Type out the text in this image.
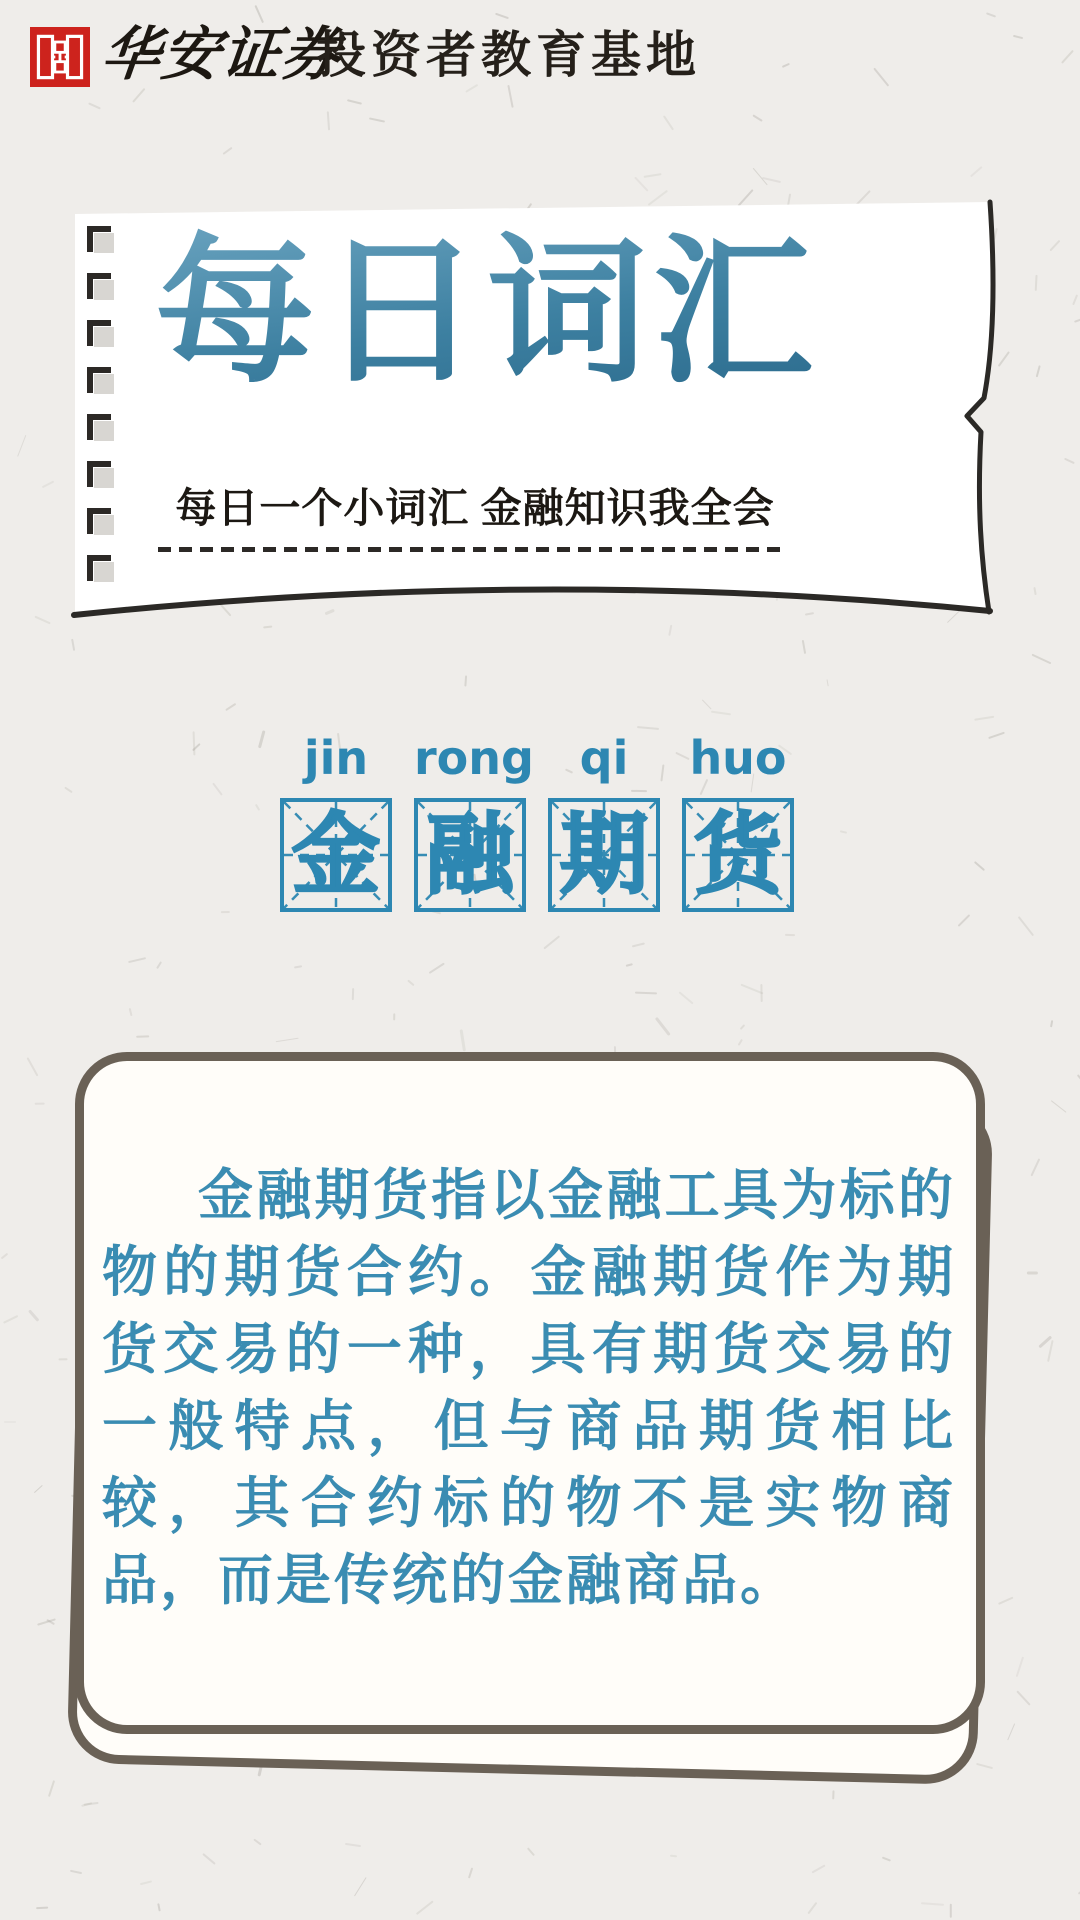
华安证券
投资者教育基地
每日词汇
每日一个小词汇 金融知识我全会
jin rong qi	huo
金 融 期 货
金融期货指以金融工具为标的物的期货合约。金融期货作为期货交易的一种，具有期货交易的一般特点，但与商品期货相比较，其合约标的物不是实物商品，而是传统的金融商品。
